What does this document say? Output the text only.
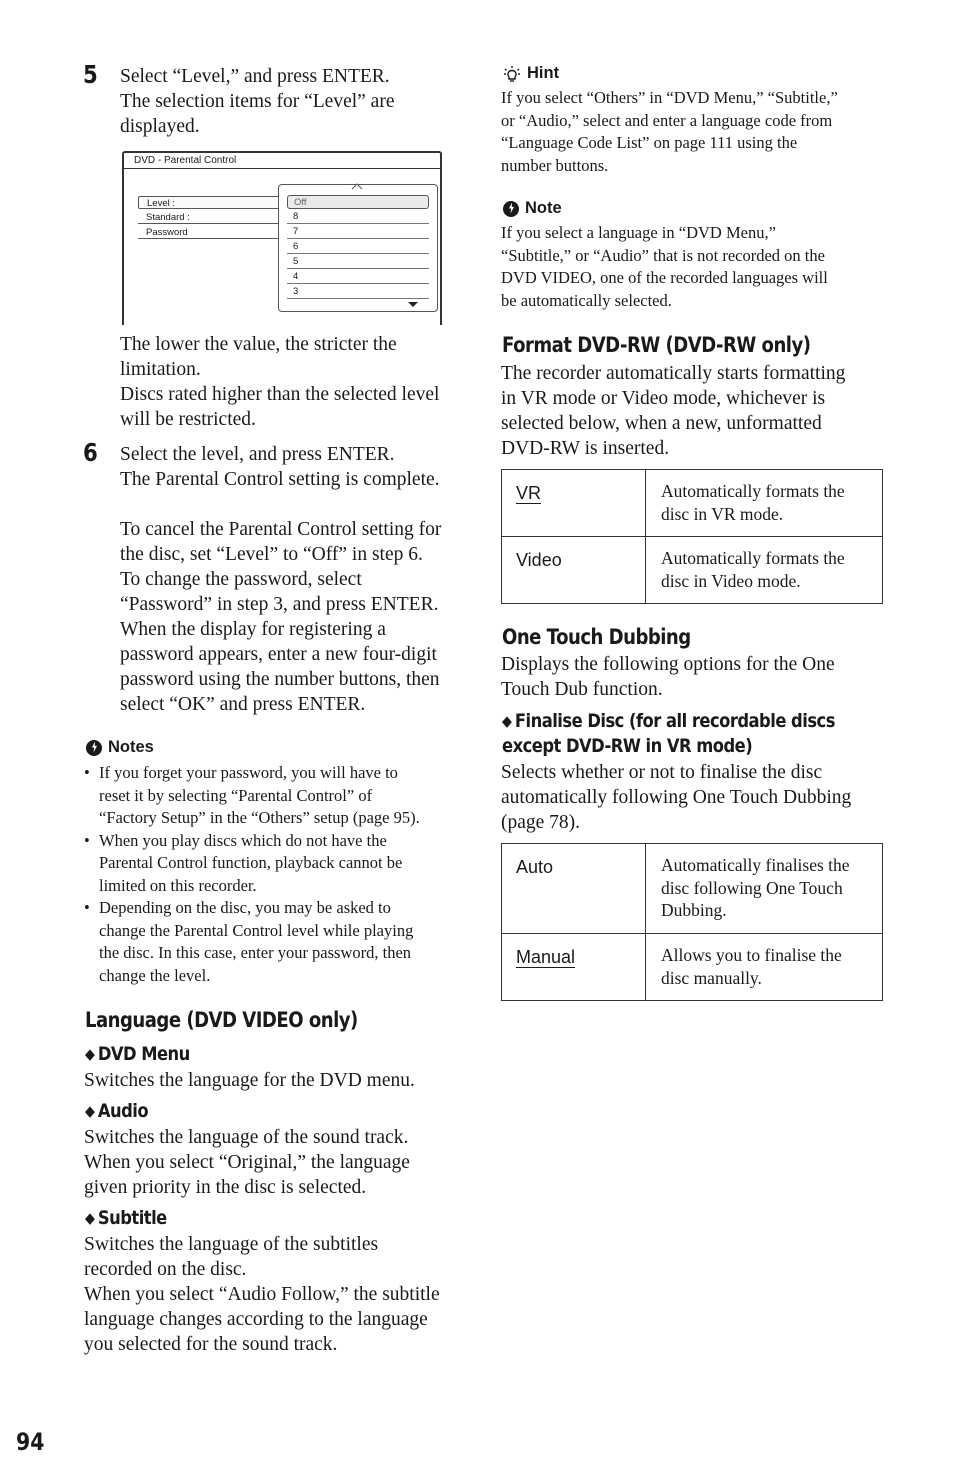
5 Select “Level,” and press ENTER.

The selection items for “Level” are

displayed.

DVD - Parental Control
Level :
Standard :
Password
Off
8
7
6
5
4
3

The lower the value, the stricter the

limitation.

Discs rated higher than the selected level

will be restricted.

6 Select the level, and press ENTER.

The Parental Control setting is complete.

To cancel the Parental Control setting for

the disc, set “Level” to “Off” in step 6.

To change the password, select

“Password” in step 3, and press ENTER.

When the display for registering a

password appears, enter a new four-digit

password using the number buttons, then

select “OK” and press ENTER.

Notes
• If you forget your password, you will have to
reset it by selecting “Parental Control” of
“Factory Setup” in the “Others” setup (page 95).
• When you play discs which do not have the
Parental Control function, playback cannot be
limited on this recorder.
• Depending on the disc, you may be asked to
change the Parental Control level while playing
the disc. In this case, enter your password, then
change the level.
Language (DVD VIDEO only)
◆ DVD Menu

Switches the language for the DVD menu.

◆ Audio

Switches the language of the sound track.

When you select “Original,” the language

given priority in the disc is selected.

◆ Subtitle

Switches the language of the subtitles

recorded on the disc.

When you select “Audio Follow,” the subtitle

language changes according to the language

you selected for the sound track.

Hint
If you select “Others” in “DVD Menu,” “Subtitle,”
or “Audio,” select and enter a language code from
“Language Code List” on page 111 using the
number buttons.
Note
If you select a language in “DVD Menu,”
“Subtitle,” or “Audio” that is not recorded on the
DVD VIDEO, one of the recorded languages will
be automatically selected.
Format DVD-RW (DVD-RW only)

The recorder automatically starts formatting

in VR mode or Video mode, whichever is

selected below, when a new, unformatted

DVD-RW is inserted.

VR	Automatically formats the
disc in VR mode.

Video	Automatically formats the
disc in Video mode.
One Touch Dubbing

Displays the following options for the One

Touch Dub function.

◆ Finalise Disc (for all recordable discs
except DVD-RW in VR mode)

Selects whether or not to finalise the disc

automatically following One Touch Dubbing

(page 78).

Auto	Automatically finalises the
disc following One Touch
Dubbing.

Manual	Allows you to finalise the
disc manually.
94
